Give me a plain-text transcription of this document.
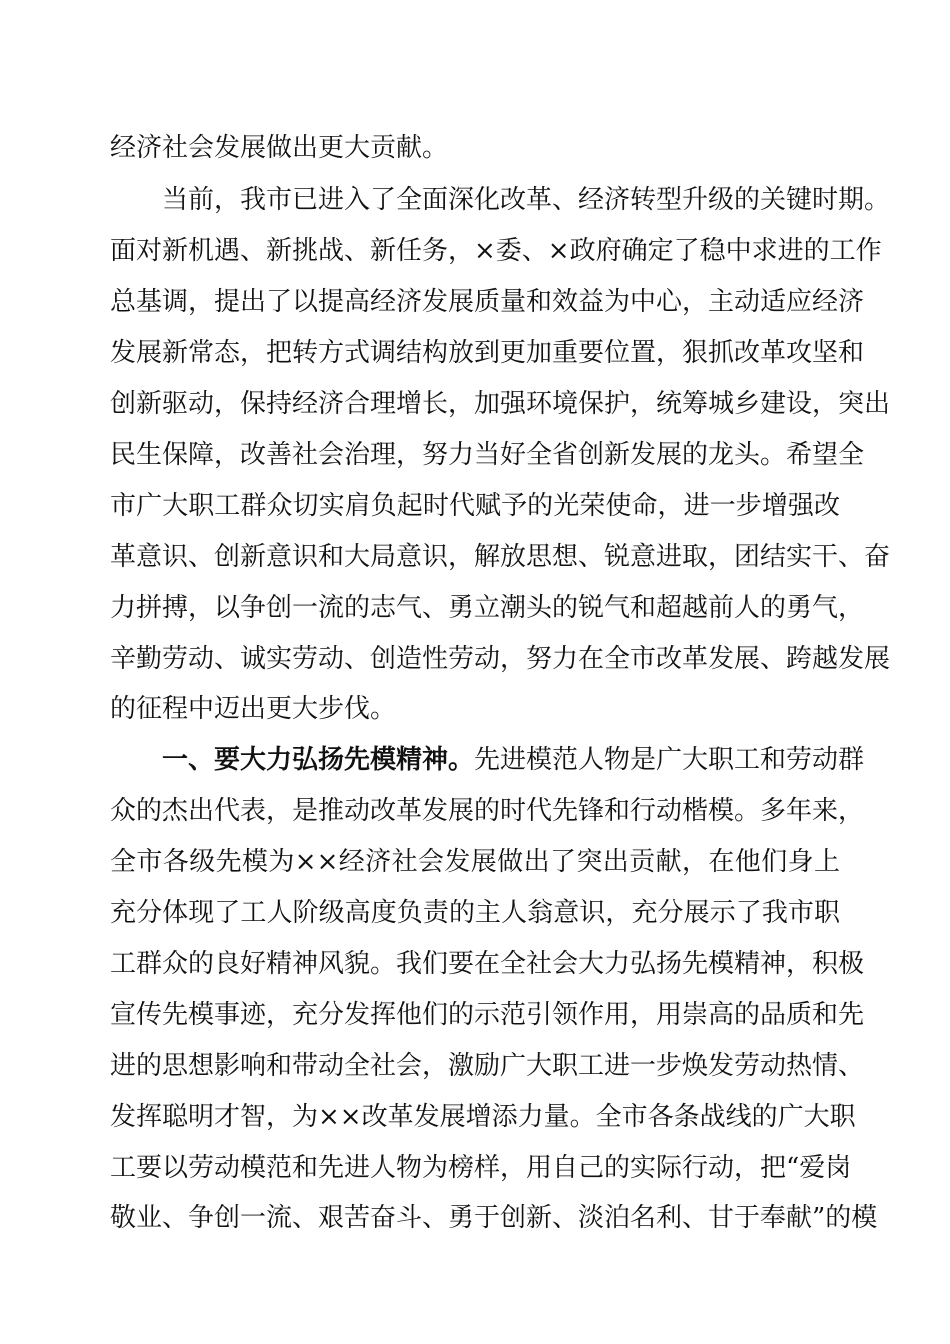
经济社会发展做出更大贡献。
当前，我市已进入了全面深化改革、经济转型升级的关键时期。
面对新机遇、新挑战、新任务，×委、×政府确定了稳中求进的工作
总基调，提出了以提高经济发展质量和效益为中心，主动适应经济
发展新常态，把转方式调结构放到更加重要位置，狠抓改革攻坚和
创新驱动，保持经济合理增长，加强环境保护，统筹城乡建设，突出
民生保障，改善社会治理，努力当好全省创新发展的龙头。希望全
市广大职工群众切实肩负起时代赋予的光荣使命，进一步增强改
革意识、创新意识和大局意识，解放思想、锐意进取，团结实干、奋
力拼搏，以争创一流的志气、勇立潮头的锐气和超越前人的勇气，
辛勤劳动、诚实劳动、创造性劳动，努力在全市改革发展、跨越发展
的征程中迈出更大步伐。
一、要大力弘扬先模精神。先进模范人物是广大职工和劳动群
众的杰出代表，是推动改革发展的时代先锋和行动楷模。多年来，
全市各级先模为××经济社会发展做出了突出贡献，在他们身上
充分体现了工人阶级高度负责的主人翁意识，充分展示了我市职
工群众的良好精神风貌。我们要在全社会大力弘扬先模精神，积极
宣传先模事迹，充分发挥他们的示范引领作用，用崇高的品质和先
进的思想影响和带动全社会，激励广大职工进一步焕发劳动热情、
发挥聪明才智，为××改革发展增添力量。全市各条战线的广大职
工要以劳动模范和先进人物为榜样，用自己的实际行动，把“爱岗
敬业、争创一流、艰苦奋斗、勇于创新、淡泊名利、甘于奉献”的模
